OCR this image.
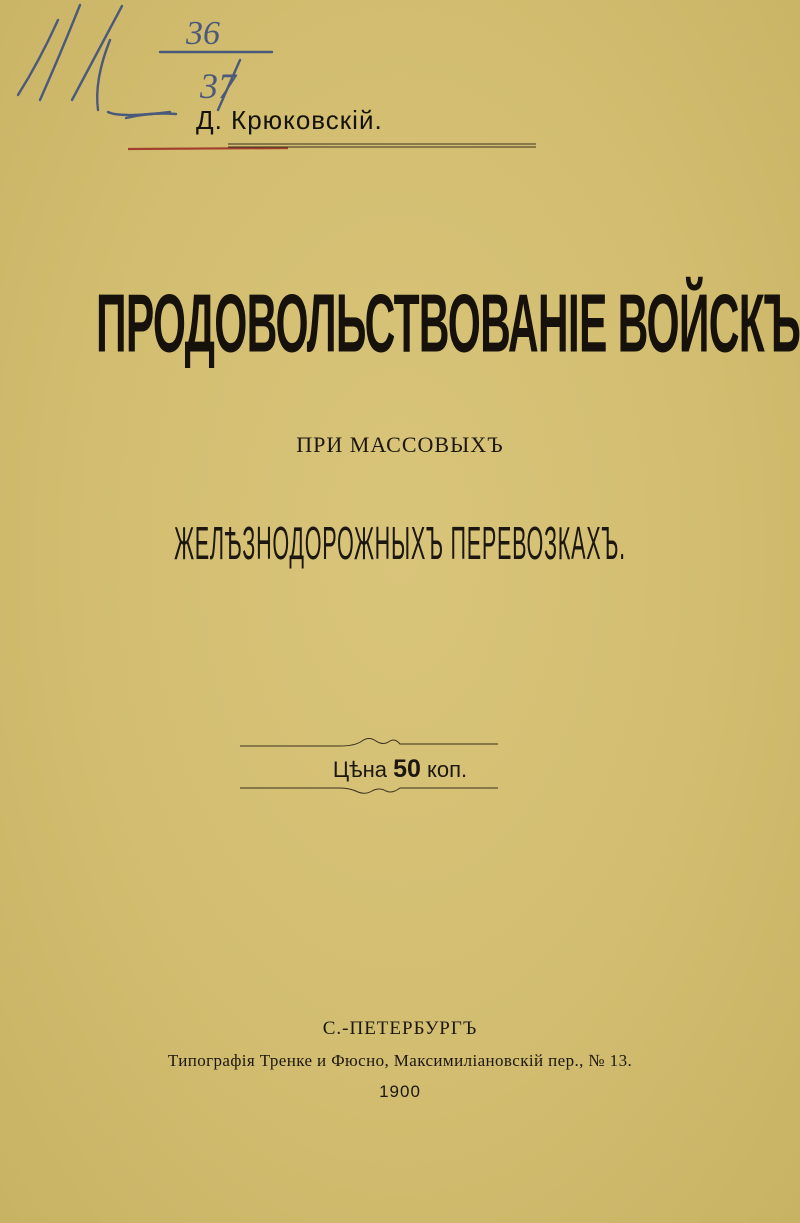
36
37
Д. Крюковскій.
ПРОДОВОЛЬСТВОВАНІЕ ВОЙСКЪ
ПРИ МАССОВЫХЪ
ЖЕЛѢЗНОДОРОЖНЫХЪ ПЕРЕВОЗКАХЪ.
Цѣна 50 коп.
С.-ПЕТЕРБУРГЪ
Типографія Тренке и Фюсно, Максимиліановскій пер., № 13.
1900
